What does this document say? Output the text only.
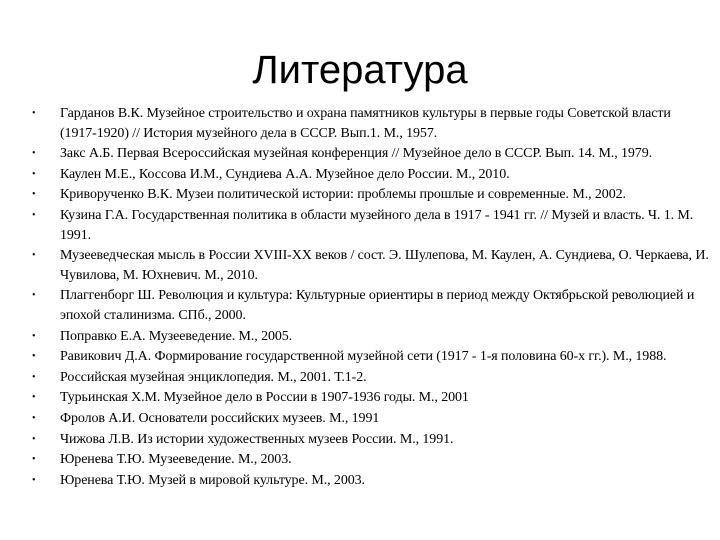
Литература
• Гарданов В.К. Музейное строительство и охрана памятников культуры в первые годы Советской власти (1917-1920) // История музейного дела в СССР. Вып.1. М., 1957.
• Закс А.Б. Первая Всероссийская музейная конференция // Музейное дело в СССР. Вып. 14. М., 1979.
• Каулен М.Е., Коссова И.М., Сундиева А.А. Музейное дело России. М., 2010.
• Криворученко В.К. Музеи политической истории: проблемы прошлые и современные. М., 2002.
• Кузина Г.А. Государственная политика в области музейного дела в 1917 - 1941 гг. // Музей и власть. Ч. 1. М. 1991.
• Музееведческая мысль в России XVIII-XX веков / сост. Э. Шулепова, М. Каулен, А. Сундиева, О. Черкаева, И. Чувилова, М. Юхневич. М., 2010.
• Плаггенборг Ш. Революция и культура: Культурные ориентиры в период между Октябрьской революцией и эпохой сталинизма. СПб., 2000.
• Поправко Е.А. Музееведение. М., 2005.
• Равикович Д.А. Формирование государственной музейной сети (1917 - 1-я половина 60-х гг.). М., 1988.
• Российская музейная энциклопедия. М., 2001. Т.1-2.
• Турьинская Х.М. Музейное дело в России в 1907-1936 годы. М., 2001
• Фролов А.И. Основатели российских музеев. М., 1991
• Чижова Л.В. Из истории художественных музеев России. М., 1991.
• Юренева Т.Ю. Музееведение. М., 2003.
• Юренева Т.Ю. Музей в мировой культуре. М., 2003.
